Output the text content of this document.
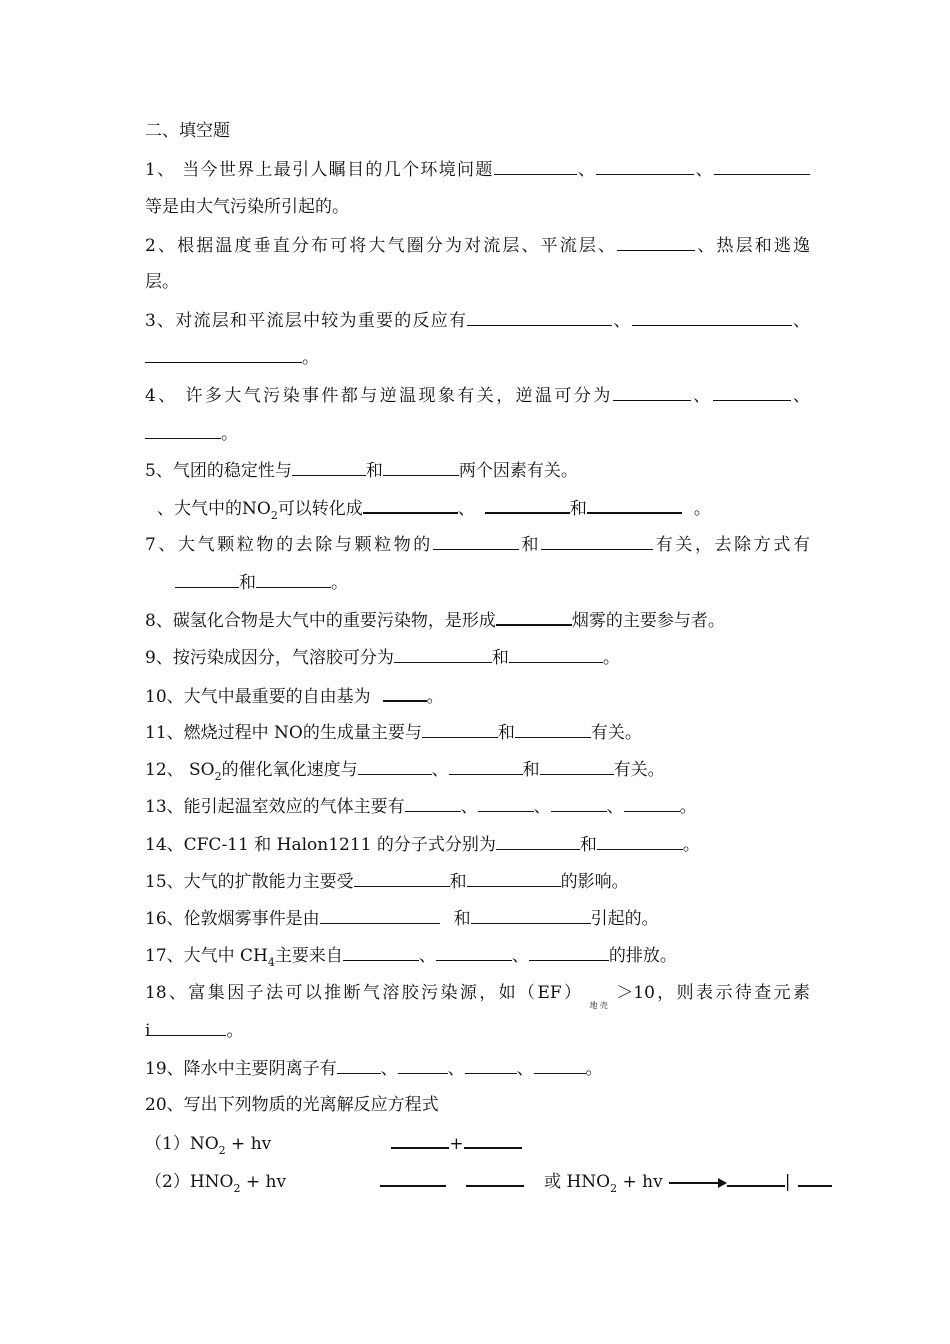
二、填空题
1、 当今世界上最引人瞩目的几个环境问题	、	、
等是由大气污染所引起的。
2、根据温度垂直分布可将大气圈分为对流层、平流层、	、热层和逃逸
层。
3、对流层和平流层中较为重要的反应有	、	、
。
4、 许多大气污染事件都与逆温现象有关，逆温可分为	、	、
。
5、气团的稳定性与	和	两个因素有关。
、大气中的$NO_2$可以转化成	、	和	。
7、大气颗粒物的去除与颗粒物的	和	有关，去除方式有
和	。
8、碳氢化合物是大气中的重要污染物，是形成	烟雾的主要参与者。
9、按污染成因分，气溶胶可分为	和	。
10、大气中最重要的自由基为	。
11、燃烧过程中 NO的生成量主要与	和	有关。
12、 $SO_2$的催化氧化速度与	、	和	有关。
13、能引起温室效应的气体主要有	、	、	、	。
14、CFC-11 和 Halon1211 的分子式分别为	和	。
15、大气的扩散能力主要受	和	的影响。
16、伦敦烟雾事件是由	和	引起的。
17、大气中 $CH_4$主要来自	、	、	的排放。
18、富集因子法可以推断气溶胶污染源，如$(EF)_{地壳}>10$，则表示待查元素
i	。
19、降水中主要阴离子有	、	、	、	。
20、写出下列物质的光离解反应方程式
$(1)NO_2$ + hv	+
$(2)HNO_2$ + hv	或 $HNO_2$ + hv	|
